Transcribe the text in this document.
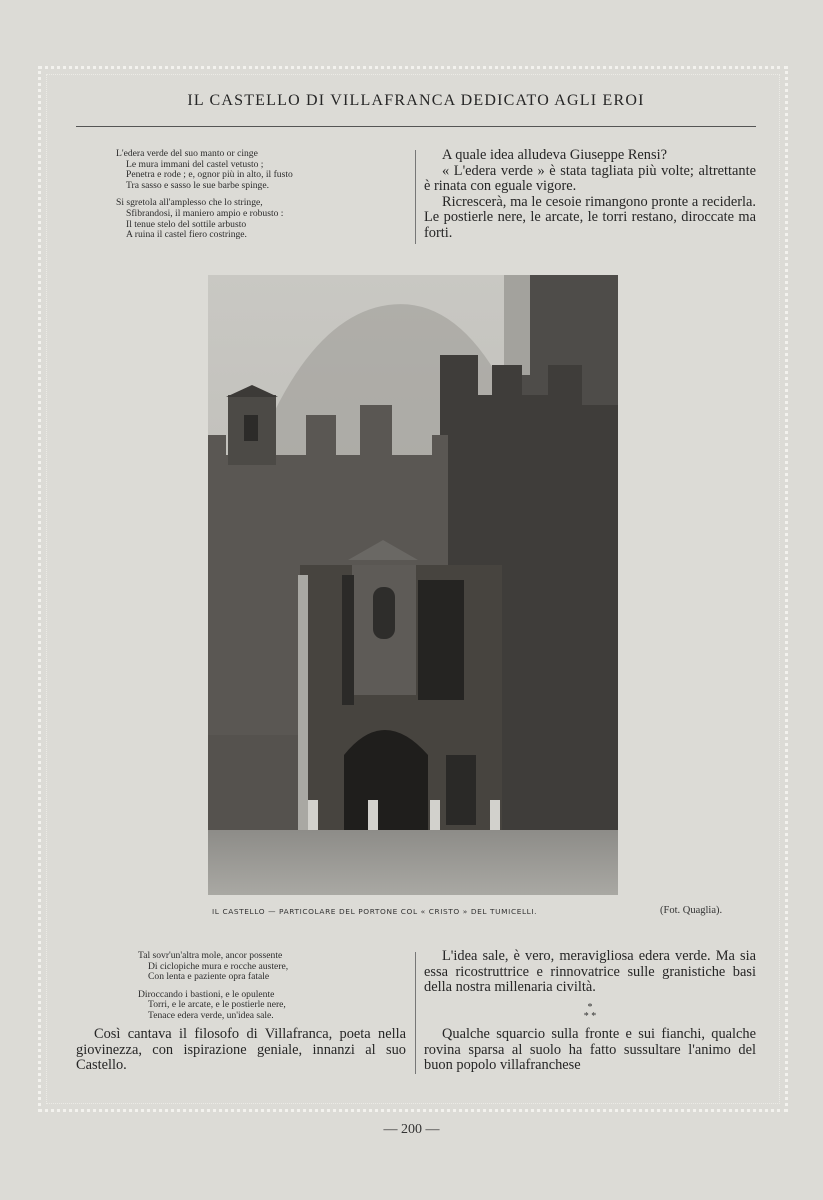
IL CASTELLO DI VILLAFRANCA DEDICATO AGLI EROI

L'edera verde del suo manto or cinge

Le mura immani del castel vetusto ;

Penetra e rode ; e, ognor più in alto, il fusto

Tra sasso e sasso le sue barbe spinge.

Si sgretola all'amplesso che lo stringe,

Sfibrandosi, il maniero ampio e robusto :

Il tenue stelo del sottile arbusto

A ruina il castel fiero costringe.

A quale idea alludeva Giuseppe Rensi?

« L'edera verde » è stata tagliata più volte; altrettante è rinata con eguale vigore.

Ricrescerà, ma le cesoie rimangono pronte a reciderla. Le postierle nere, le arcate, le torri restano, diroccate ma forti.

IL CASTELLO — PARTICOLARE DEL PORTONE COL « CRISTO » DEL TUMICELLI.	(Fot. Quaglia).

Tal sovr'un'altra mole, ancor possente

Di ciclopiche mura e rocche austere,

Con lenta e paziente opra fatale

Diroccando i bastioni, e le opulente

Torri, e le arcate, e le postierle nere,

Tenace edera verde, un'idea sale.

Così cantava il filosofo di Villafranca, poeta nella giovinezza, con ispirazione geniale, innanzi al suo Castello.

L'idea sale, è vero, meravigliosa edera verde. Ma sia essa ricostruttrice e rinnovatrice sulle granistiche basi della nostra millenaria civiltà.

*
* *

Qualche squarcio sulla fronte e sui fianchi, qualche rovina sparsa al suolo ha fatto sussultare l'animo del buon popolo villafranchese

— 200 —
